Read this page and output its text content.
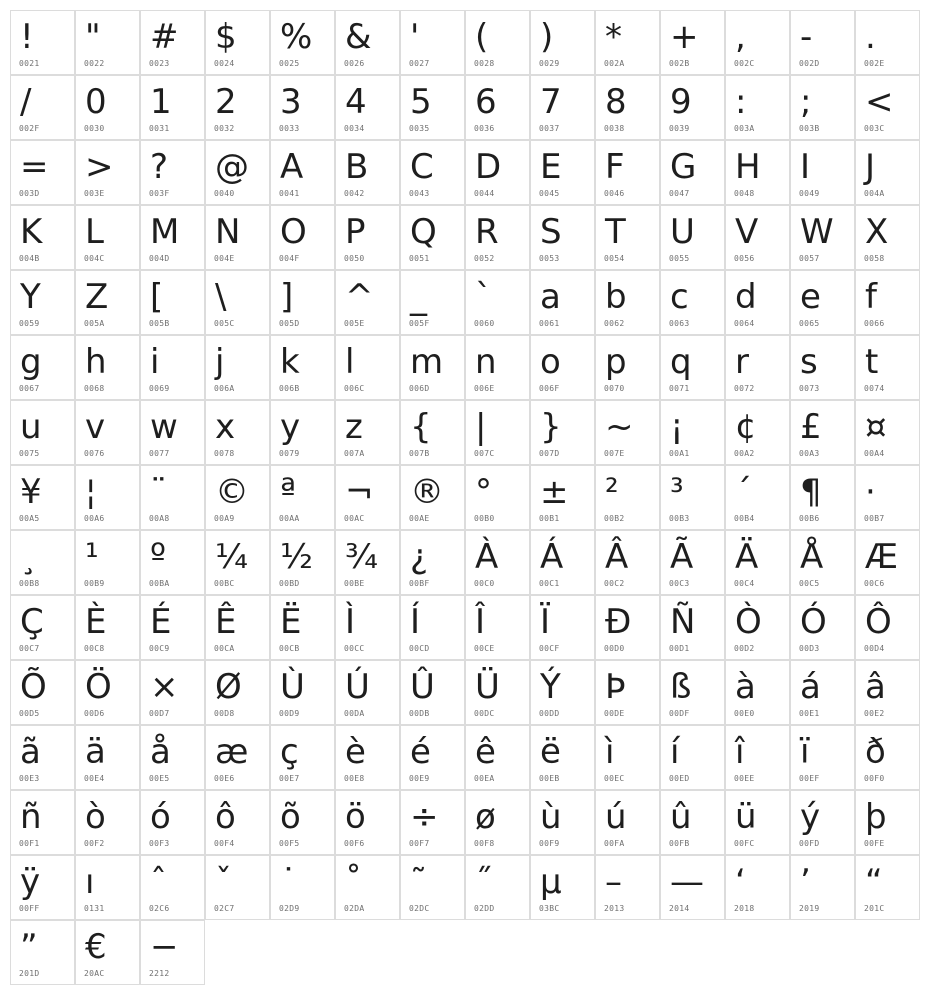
!
0021
"
0022
#
0023
$
0024
%
0025
&
0026
'
0027
(
0028
)
0029
*
002A
+
002B
,
002C
-
002D
.
002E
/
002F
0
0030
1
0031
2
0032
3
0033
4
0034
5
0035
6
0036
7
0037
8
0038
9
0039
:
003A
;
003B
<
003C
=
003D
>
003E
?
003F
@
0040
A
0041
B
0042
C
0043
D
0044
E
0045
F
0046
G
0047
H
0048
I
0049
J
004A
K
004B
L
004C
M
004D
N
004E
O
004F
P
0050
Q
0051
R
0052
S
0053
T
0054
U
0055
V
0056
W
0057
X
0058
Y
0059
Z
005A
[
005B
\
005C
]
005D
^
005E
_
005F
`
0060
a
0061
b
0062
c
0063
d
0064
e
0065
f
0066
g
0067
h
0068
i
0069
j
006A
k
006B
l
006C
m
006D
n
006E
o
006F
p
0070
q
0071
r
0072
s
0073
t
0074
u
0075
v
0076
w
0077
x
0078
y
0079
z
007A
{
007B
|
007C
}
007D
~
007E
¡
00A1
¢
00A2
£
00A3
¤
00A4
¥
00A5
¦
00A6
¨
00A8
©
00A9
ª
00AA
¬
00AC
®
00AE
°
00B0
±
00B1
²
00B2
³
00B3
´
00B4
¶
00B6
·
00B7
¸
00B8
¹
00B9
º
00BA
¼
00BC
½
00BD
¾
00BE
¿
00BF
À
00C0
Á
00C1
Â
00C2
Ã
00C3
Ä
00C4
Å
00C5
Æ
00C6
Ç
00C7
È
00C8
É
00C9
Ê
00CA
Ë
00CB
Ì
00CC
Í
00CD
Î
00CE
Ï
00CF
Ð
00D0
Ñ
00D1
Ò
00D2
Ó
00D3
Ô
00D4
Õ
00D5
Ö
00D6
×
00D7
Ø
00D8
Ù
00D9
Ú
00DA
Û
00DB
Ü
00DC
Ý
00DD
Þ
00DE
ß
00DF
à
00E0
á
00E1
â
00E2
ã
00E3
ä
00E4
å
00E5
æ
00E6
ç
00E7
è
00E8
é
00E9
ê
00EA
ë
00EB
ì
00EC
í
00ED
î
00EE
ï
00EF
ð
00F0
ñ
00F1
ò
00F2
ó
00F3
ô
00F4
õ
00F5
ö
00F6
÷
00F7
ø
00F8
ù
00F9
ú
00FA
û
00FB
ü
00FC
ý
00FD
þ
00FE
ÿ
00FF
ı
0131
ˆ
02C6
ˇ
02C7
˙
02D9
˚
02DA
˜
02DC
˝
02DD
μ
03BC
–
2013
—
2014
‘
2018
’
2019
“
201C
”
201D
€
20AC
−
2212
